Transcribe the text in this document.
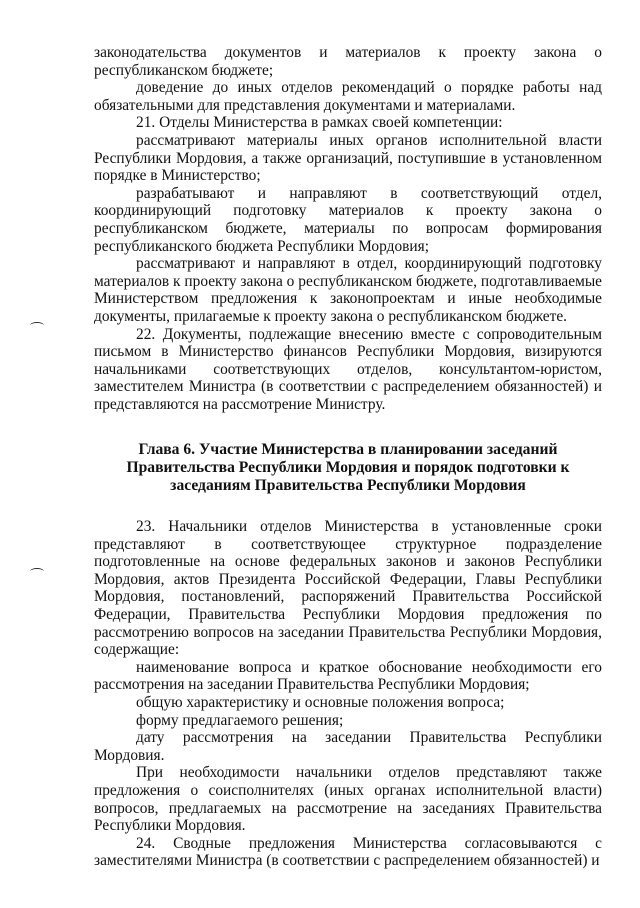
законодательства документов и материалов к проекту закона о республиканском бюджете;

доведение до иных отделов рекомендаций о порядке работы над обязательными для представления документами и материалами.

21. Отделы Министерства в рамках своей компетенции:

рассматривают материалы иных органов исполнительной власти Республики Мордовия, а также организаций, поступившие в установленном порядке в Министерство;

разрабатывают и направляют в соответствующий отдел, координирующий подготовку материалов к проекту закона о республиканском бюджете, материалы по вопросам формирования республиканского бюджета Республики Мордовия;

рассматривают и направляют в отдел, координирующий подготовку материалов к проекту закона о республиканском бюджете, подготавливаемые Министерством предложения к законопроектам и иные необходимые документы, прилагаемые к проекту закона о республиканском бюджете.

22. Документы, подлежащие внесению вместе с сопроводительным письмом в Министерство финансов Республики Мордовия, визируются начальниками соответствующих отделов, консультантом-юристом, заместителем Министра (в соответствии с распределением обязанностей) и представляются на рассмотрение Министру.

Глава 6. Участие Министерства в планировании заседаний
Правительства Республики Мордовия и порядок подготовки к
заседаниям Правительства Республики Мордовия

23. Начальники отделов Министерства в установленные сроки представляют в соответствующее структурное подразделение подготовленные на основе федеральных законов и законов Республики Мордовия, актов Президента Российской Федерации, Главы Республики Мордовия, постановлений, распоряжений Правительства Российской Федерации, Правительства Республики Мордовия предложения по рассмотрению вопросов на заседании Правительства Республики Мордовия, содержащие:

наименование вопроса и краткое обоснование необходимости его рассмотрения на заседании Правительства Республики Мордовия;

общую характеристику и основные положения вопроса;

форму предлагаемого решения;

дату рассмотрения на заседании Правительства Республики Мордовия.

При необходимости начальники отделов представляют также предложения о соисполнителях (иных органах исполнительной власти) вопросов, предлагаемых на рассмотрение на заседаниях Правительства Республики Мордовия.

24. Сводные предложения Министерства согласовываются с заместителями Министра (в соответствии с распределением обязанностей) и
